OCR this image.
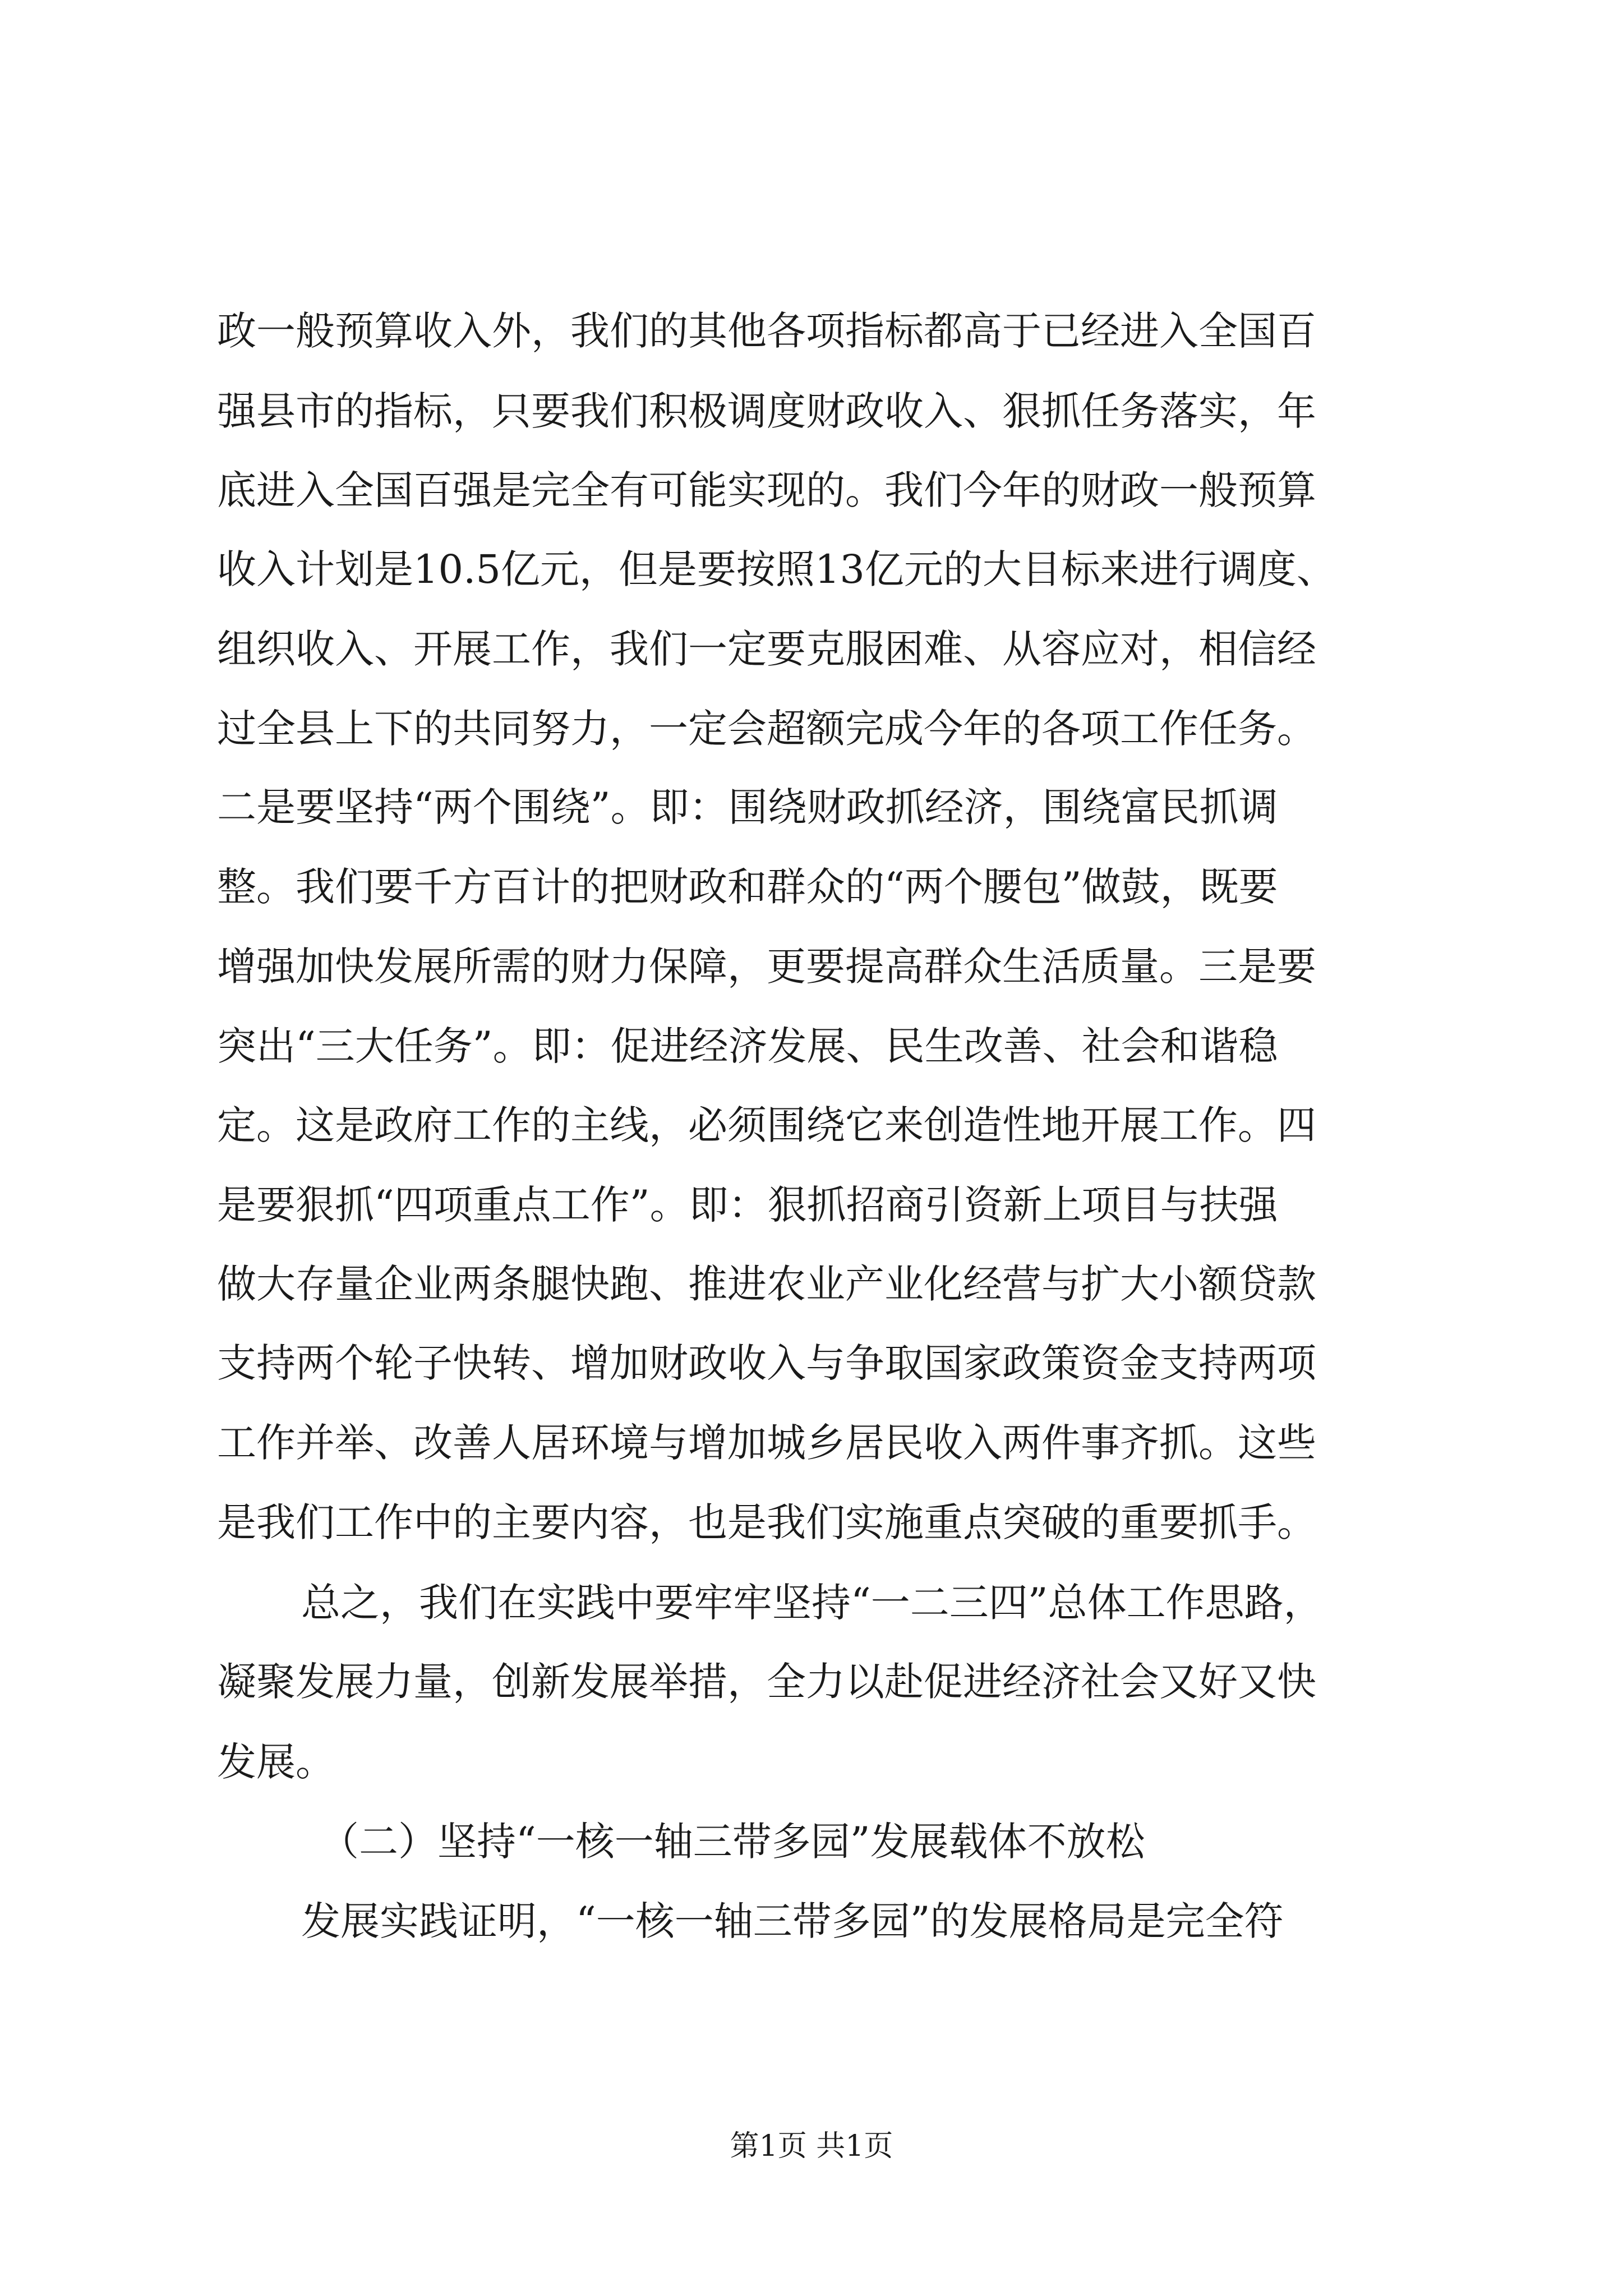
政一般预算收入外，我们的其他各项指标都高于已经进入全国百
强县市的指标，只要我们积极调度财政收入、狠抓任务落实，年
底进入全国百强是完全有可能实现的。我们今年的财政一般预算
收入计划是10.5亿元，但是要按照13亿元的大目标来进行调度、
组织收入、开展工作，我们一定要克服困难、从容应对，相信经
过全县上下的共同努力，一定会超额完成今年的各项工作任务。
二是要坚持“两个围绕”。即：围绕财政抓经济，围绕富民抓调
整。我们要千方百计的把财政和群众的“两个腰包”做鼓，既要
增强加快发展所需的财力保障，更要提高群众生活质量。三是要
突出“三大任务”。即：促进经济发展、民生改善、社会和谐稳
定。这是政府工作的主线，必须围绕它来创造性地开展工作。四
是要狠抓“四项重点工作”。即：狠抓招商引资新上项目与扶强
做大存量企业两条腿快跑、推进农业产业化经营与扩大小额贷款
支持两个轮子快转、增加财政收入与争取国家政策资金支持两项
工作并举、改善人居环境与增加城乡居民收入两件事齐抓。这些
是我们工作中的主要内容，也是我们实施重点突破的重要抓手。
总之，我们在实践中要牢牢坚持“一二三四”总体工作思路，
凝聚发展力量，创新发展举措，全力以赴促进经济社会又好又快
发展。
（二）坚持“一核一轴三带多园”发展载体不放松
发展实践证明，“一核一轴三带多园”的发展格局是完全符
第1页 共1页
